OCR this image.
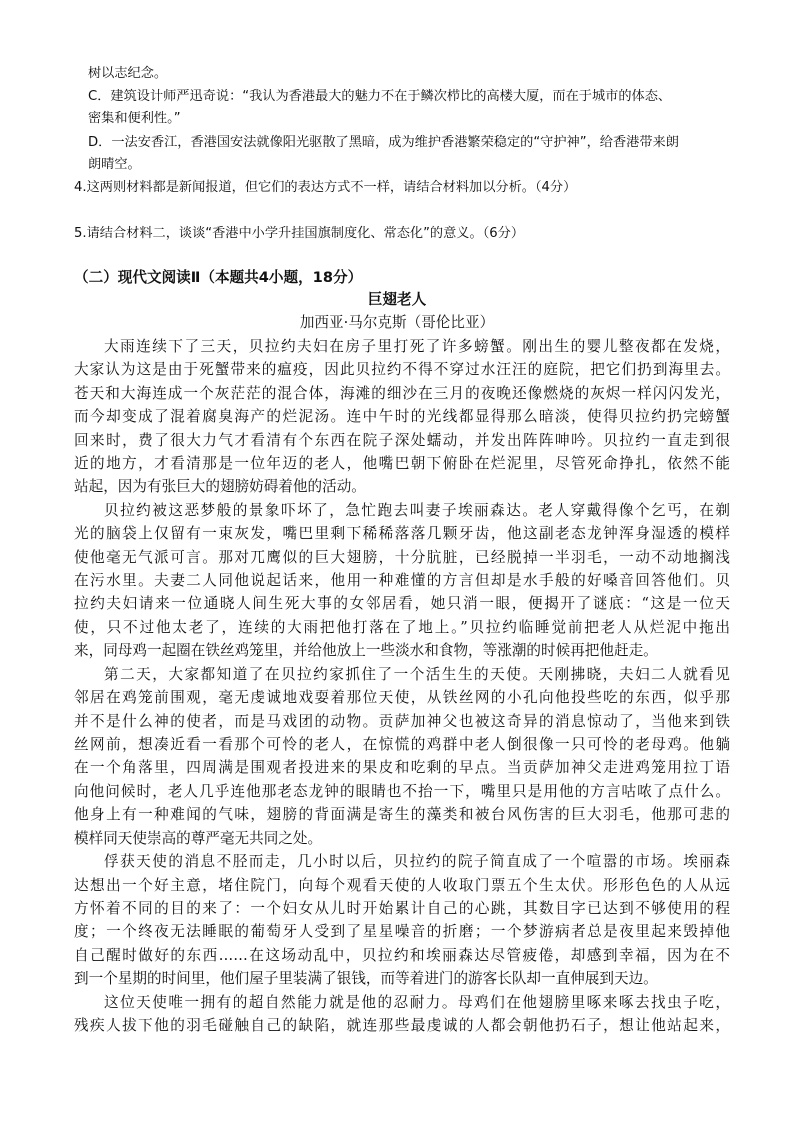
树以志纪念。
C．建筑设计师严迅奇说：“我认为香港最大的魅力不在于鳞次栉比的高楼大厦，而在于城市的体态、
密集和便利性。”
D．一法安香江，香港国安法就像阳光驱散了黑暗，成为维护香港繁荣稳定的“守护神”，给香港带来朗
朗晴空。
4.这两则材料都是新闻报道，但它们的表达方式不一样，请结合材料加以分析。（4分）
5.请结合材料二，谈谈“香港中小学升挂国旗制度化、常态化”的意义。（6分）
（二）现代文阅读Ⅱ（本题共4小题，18分）
巨翅老人
加西亚·马尔克斯（哥伦比亚）
大雨连续下了三天，贝拉约夫妇在房子里打死了许多螃蟹。刚出生的婴儿整夜都在发烧，
大家认为这是由于死蟹带来的瘟疫，因此贝拉约不得不穿过水汪汪的庭院，把它们扔到海里去。
苍天和大海连成一个灰茫茫的混合体，海滩的细沙在三月的夜晚还像燃烧的灰烬一样闪闪发光，
而今却变成了混着腐臭海产的烂泥汤。连中午时的光线都显得那么暗淡，使得贝拉约扔完螃蟹
回来时，费了很大力气才看清有个东西在院子深处蠕动，并发出阵阵呻吟。贝拉约一直走到很
近的地方，才看清那是一位年迈的老人，他嘴巴朝下俯卧在烂泥里，尽管死命挣扎，依然不能
站起，因为有张巨大的翅膀妨碍着他的活动。
贝拉约被这恶梦般的景象吓坏了，急忙跑去叫妻子埃丽森达。老人穿戴得像个乞丐，在剃
光的脑袋上仅留有一束灰发，嘴巴里剩下稀稀落落几颗牙齿，他这副老态龙钟浑身湿透的模样
使他毫无气派可言。那对兀鹰似的巨大翅膀，十分肮脏，已经脱掉一半羽毛，一动不动地搁浅
在污水里。夫妻二人同他说起话来，他用一种难懂的方言但却是水手般的好嗓音回答他们。贝
拉约夫妇请来一位通晓人间生死大事的女邻居看，她只消一眼，便揭开了谜底：“这是一位天
使，只不过他太老了，连续的大雨把他打落在了地上。”贝拉约临睡觉前把老人从烂泥中拖出
来，同母鸡一起圈在铁丝鸡笼里，并给他放上一些淡水和食物，等涨潮的时候再把他赶走。
第二天，大家都知道了在贝拉约家抓住了一个活生生的天使。天刚拂晓，夫妇二人就看见
邻居在鸡笼前围观，毫无虔诚地戏耍着那位天使，从铁丝网的小孔向他投些吃的东西，似乎那
并不是什么神的使者，而是马戏团的动物。贡萨加神父也被这奇异的消息惊动了，当他来到铁
丝网前，想凑近看一看那个可怜的老人，在惊慌的鸡群中老人倒很像一只可怜的老母鸡。他躺
在一个角落里，四周满是围观者投进来的果皮和吃剩的早点。当贡萨加神父走进鸡笼用拉丁语
向他问候时，老人几乎连他那老态龙钟的眼睛也不抬一下，嘴里只是用他的方言咕哝了点什么。
他身上有一种难闻的气味，翅膀的背面满是寄生的藻类和被台风伤害的巨大羽毛，他那可悲的
模样同天使崇高的尊严毫无共同之处。
俘获天使的消息不胫而走，几小时以后，贝拉约的院子简直成了一个喧嚣的市场。埃丽森
达想出一个好主意，堵住院门，向每个观看天使的人收取门票五个生太伏。形形色色的人从远
方怀着不同的目的来了：一个妇女从儿时开始累计自己的心跳，其数目字已达到不够使用的程
度；一个终夜无法睡眠的葡萄牙人受到了星星噪音的折磨；一个梦游病者总是夜里起来毁掉他
自己醒时做好的东西……在这场动乱中，贝拉约和埃丽森达尽管疲倦，却感到幸福，因为在不
到一个星期的时间里，他们屋子里装满了银钱，而等着进门的游客长队却一直伸展到天边。
这位天使唯一拥有的超自然能力就是他的忍耐力。母鸡们在他翅膀里啄来啄去找虫子吃，
残疾人拔下他的羽毛碰触自己的缺陷，就连那些最虔诚的人都会朝他扔石子，想让他站起来，
